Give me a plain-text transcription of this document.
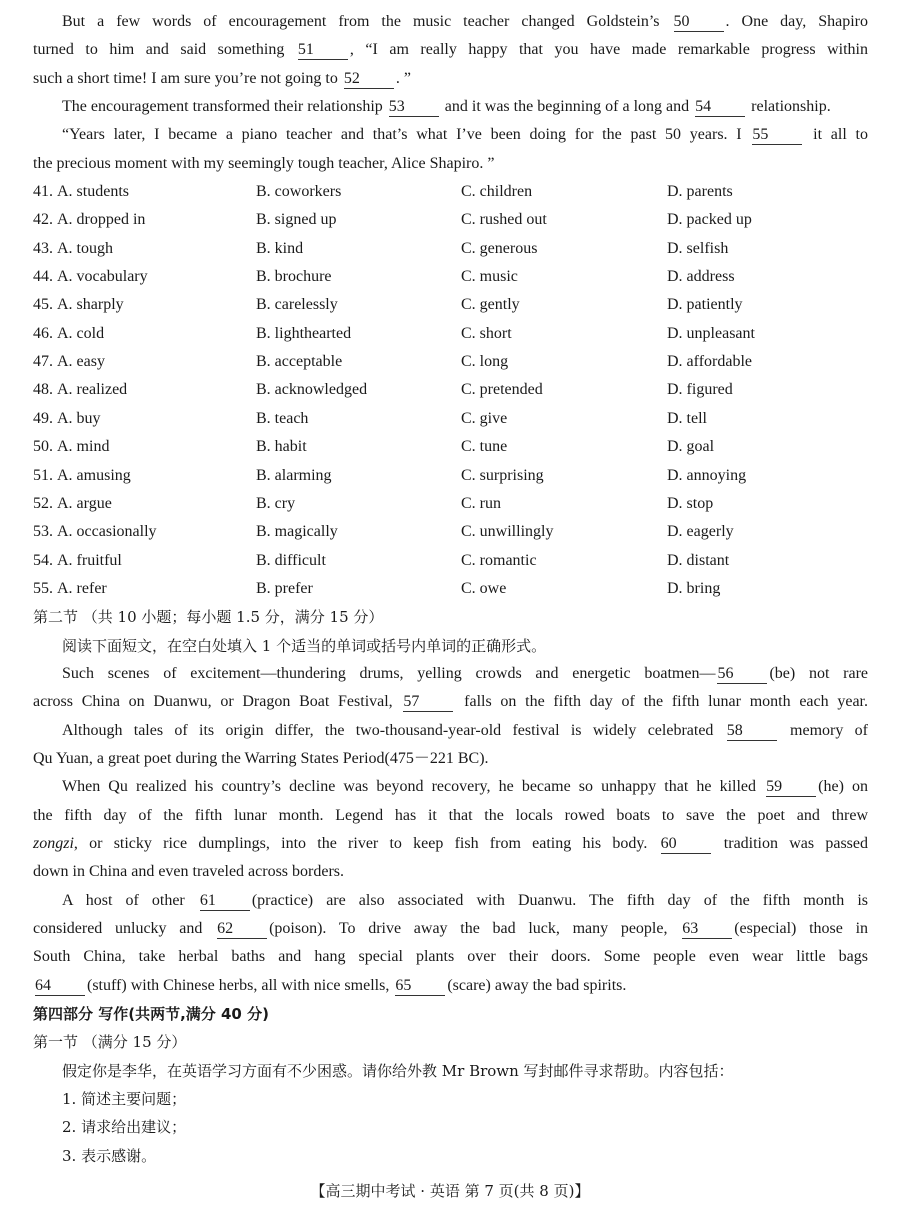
But a few words of encouragement from the music teacher changed Goldstein’s 50 . One day, Shapiro
turned to him and said something 51 , “I am really happy that you have made remarkable progress within
such a short time! I am sure you’re not going to 52 . ”
The encouragement transformed their relationship 53 and it was the beginning of a long and 54 relationship.
“Years later, I became a piano teacher and that’s what I’ve been doing for the past 50 years. I 55 it all to
the precious moment with my seemingly tough teacher, Alice Shapiro. ”
41. A. students	B. coworkers	C. children	D. parents
42. A. dropped in	B. signed up	C. rushed out	D. packed up
43. A. tough	B. kind	C. generous	D. selfish
44. A. vocabulary	B. brochure	C. music	D. address
45. A. sharply	B. carelessly	C. gently	D. patiently
46. A. cold	B. lighthearted	C. short	D. unpleasant
47. A. easy	B. acceptable	C. long	D. affordable
48. A. realized	B. acknowledged	C. pretended	D. figured
49. A. buy	B. teach	C. give	D. tell
50. A. mind	B. habit	C. tune	D. goal
51. A. amusing	B. alarming	C. surprising	D. annoying
52. A. argue	B. cry	C. run	D. stop
53. A. occasionally	B. magically	C. unwillingly	D. eagerly
54. A. fruitful	B. difficult	C. romantic	D. distant
55. A. refer	B. prefer	C. owe	D. bring
第二节 （共 10 小题；每小题 1.5 分，满分 15 分）
阅读下面短文，在空白处填入 1 个适当的单词或括号内单词的正确形式。
Such scenes of excitement—thundering drums, yelling crowds and energetic boatmen— 56 (be) not rare
across China on Duanwu, or Dragon Boat Festival, 57 falls on the fifth day of the fifth lunar month each year.
Although tales of its origin differ, the two-thousand-year-old festival is widely celebrated 58 memory of
Qu Yuan, a great poet during the Warring States Period(475－221 BC).
When Qu realized his country’s decline was beyond recovery, he became so unhappy that he killed 59 (he) on
the fifth day of the fifth lunar month. Legend has it that the locals rowed boats to save the poet and threw
zongzi, or sticky rice dumplings, into the river to keep fish from eating his body. 60 tradition was passed
down in China and even traveled across borders.
A host of other 61 (practice) are also associated with Duanwu. The fifth day of the fifth month is
considered unlucky and 62 (poison). To drive away the bad luck, many people, 63 (especial) those in
South China, take herbal baths and hang special plants over their doors. Some people even wear little bags
64 (stuff) with Chinese herbs, all with nice smells, 65 (scare) away the bad spirits.
第四部分 写作(共两节,满分 40 分)
第一节 （满分 15 分）
假定你是李华，在英语学习方面有不少困惑。请你给外教 Mr Brown 写封邮件寻求帮助。内容包括：
1. 简述主要问题；
2. 请求给出建议；
3. 表示感谢。
【高三期中考试 · 英语 第 7 页(共 8 页)】
